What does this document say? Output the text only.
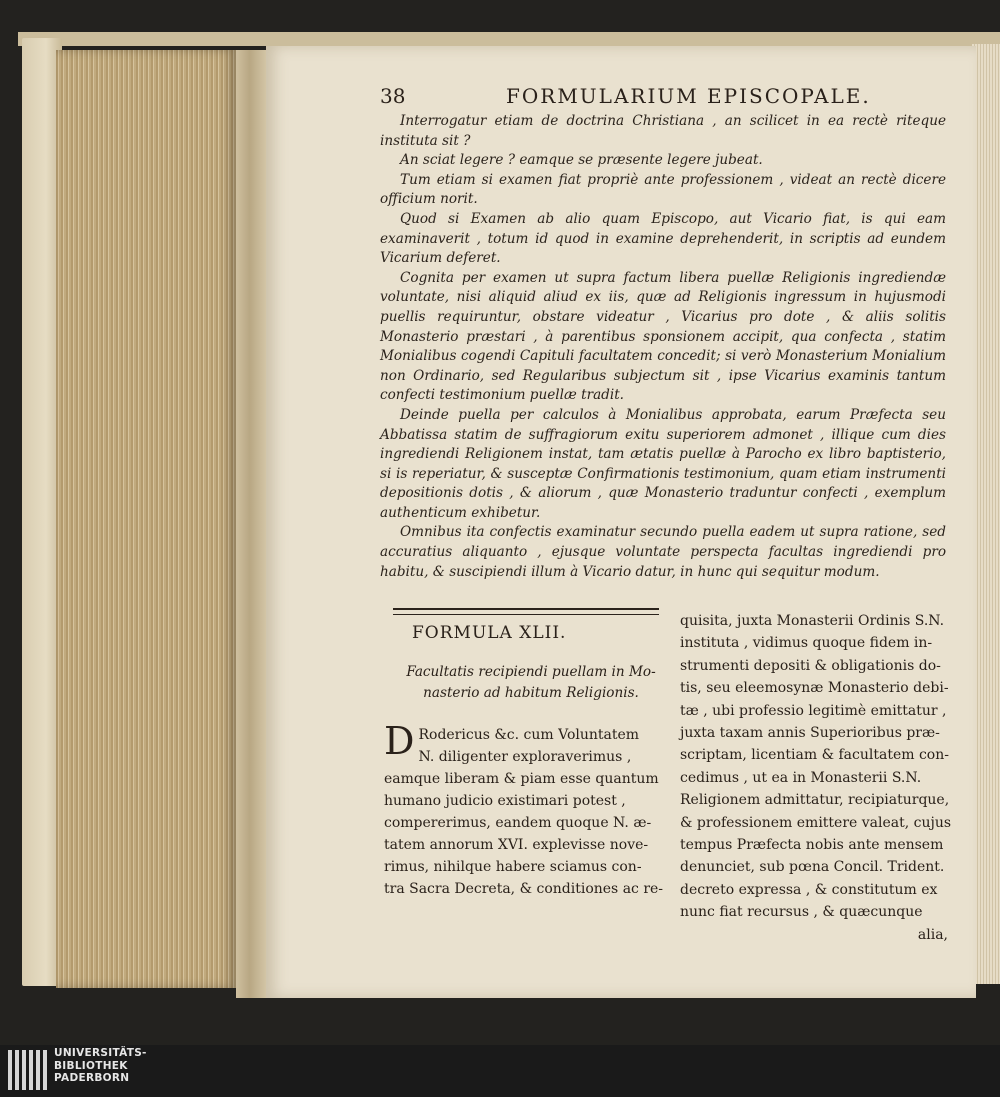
38	FORMULARIUM EPISCOPALE.

Interrogatur etiam de doctrina Christiana , an scilicet in ea rectè riteque instituta sit ?

An sciat legere ? eamque se præsente legere jubeat.

Tum etiam si examen fiat propriè ante professionem , videat an rectè dicere officium norit.

Quod si Examen ab alio quam Episcopo, aut Vicario fiat, is qui eam examinaverit , totum id quod in examine deprehenderit, in scriptis ad eundem Vicarium deferet.

Cognita per examen ut supra factum libera puellæ Religionis ingrediendæ voluntate, nisi aliquid aliud ex iis, quæ ad Religionis ingressum in hujusmodi puellis requiruntur, obstare videatur , Vicarius pro dote , & aliis solitis Monasterio præstari , à parentibus sponsionem accipit, qua confecta , statim Monialibus cogendi Capituli facultatem concedit; si verò Monasterium Monialium non Ordinario, sed Regularibus subjectum sit , ipse Vicarius examinis tantum confecti testimonium puellæ tradit.

Deinde puella per calculos à Monialibus approbata, earum Præfecta seu Abbatissa statim de suffragiorum exitu superiorem admonet , illique cum dies ingrediendi Religionem instat, tam ætatis puellæ à Parocho ex libro baptisterio, si is reperiatur, & susceptæ Confirmationis testimonium, quam etiam instrumenti depositionis dotis , & aliorum , quæ Monasterio traduntur confecti , exemplum authenticum exhibetur.

Omnibus ita confectis examinatur secundo puella eadem ut supra ratione, sed accuratius aliquanto , ejusque voluntate perspecta facultas ingrediendi pro habitu, & suscipiendi illum à Vicario datur, in hunc qui sequitur modum.

FORMULA XLII.
Facultatis recipiendi puellam in Mo-
nasterio ad habitum Religionis.
D Rodericus &c. cum Voluntatem
N. diligenter exploraverimus ,
eamque liberam & piam esse quantum
humano judicio existimari potest ,
compererimus, eandem quoque N. æ-
tatem annorum XVI. explevisse nove-
rimus, nihilque habere sciamus con-
tra Sacra Decreta, & conditiones ac re-
quisita, juxta Monasterii Ordinis S.N.
instituta , vidimus quoque fidem in-
strumenti depositi & obligationis do-
tis, seu eleemosynæ Monasterio debi-
tæ , ubi professio legitimè emittatur ,
juxta taxam annis Superioribus præ-
scriptam, licentiam & facultatem con-
cedimus , ut ea in Monasterii S.N.
Religionem admittatur, recipiaturque,
& professionem emittere valeat, cujus
tempus Præfecta nobis ante mensem
denunciet, sub pœna Concil. Trident.
decreto expressa , & constitutum ex
nunc fiat recursus , & quæcunque
alia,
UNIVERSITÄTS-
BIBLIOTHEK
PADERBORN
